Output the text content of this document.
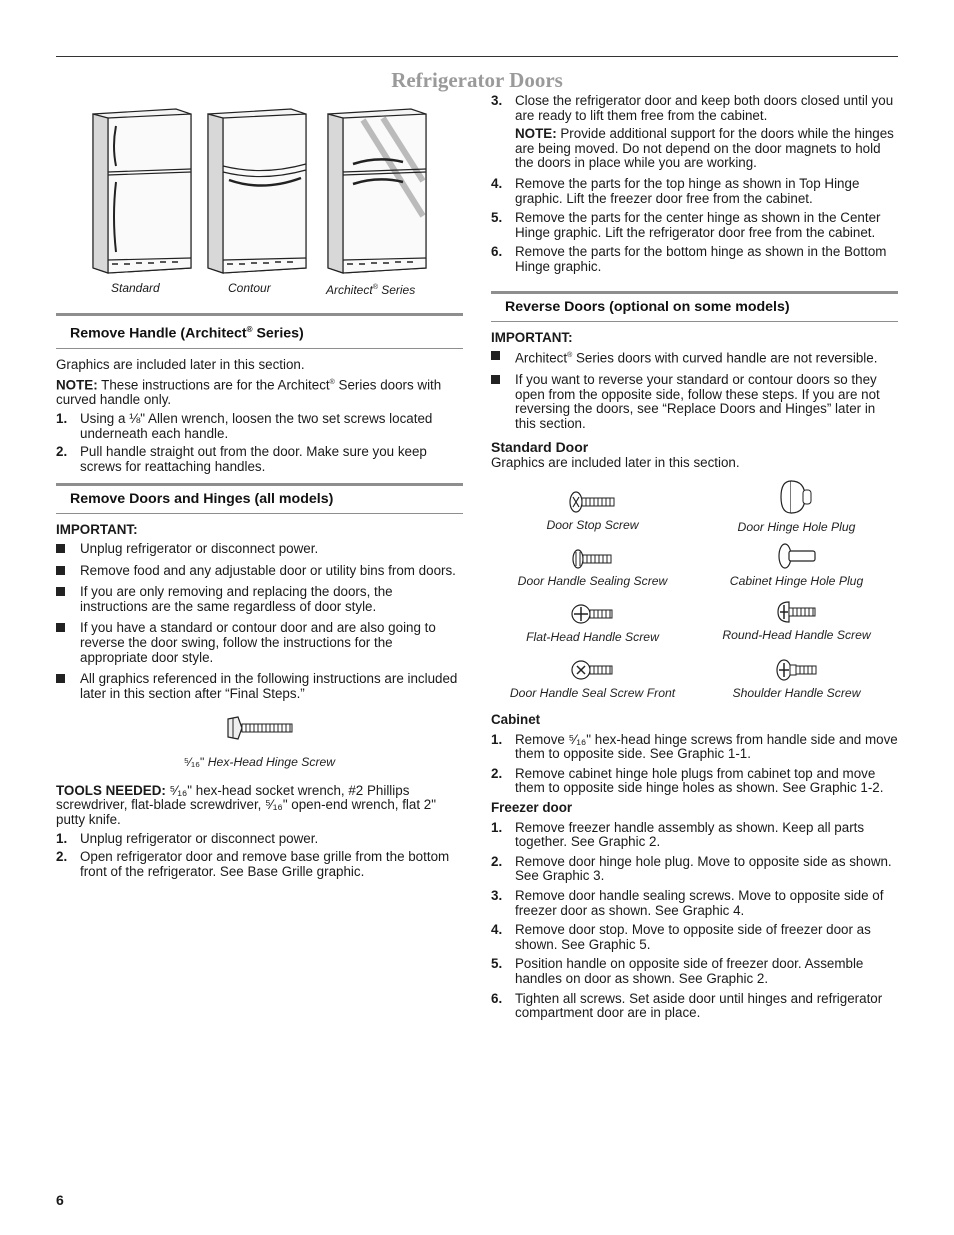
Refrigerator Doors
Standard	Contour	Architect® Series
Remove Handle (Architect® Series)

Graphics are included later in this section.

NOTE: These instructions are for the Architect® Series doors with curved handle only.

1. Using a ⅛" Allen wrench, loosen the two set screws located underneath each handle.
2. Pull handle straight out from the door. Make sure you keep screws for reattaching handles.
Remove Doors and Hinges (all models)

IMPORTANT:

Unplug refrigerator or disconnect power.
Remove food and any adjustable door or utility bins from doors.
If you are only removing and replacing the doors, the instructions are the same regardless of door style.
If you have a standard or contour door and are also going to reverse the door swing, follow the instructions for the appropriate door style.
All graphics referenced in the following instructions are included later in this section after “Final Steps.”

⁵⁄₁₆" Hex-Head Hinge Screw

TOOLS NEEDED: ⁵⁄₁₆" hex-head socket wrench, #2 Phillips screwdriver, flat-blade screwdriver, ⁵⁄₁₆" open-end wrench, flat 2" putty knife.

1. Unplug refrigerator or disconnect power.
2. Open refrigerator door and remove base grille from the bottom front of the refrigerator. See Base Grille graphic.
3. Close the refrigerator door and keep both doors closed until you are ready to lift them free from the cabinet.

NOTE: Provide additional support for the doors while the hinges are being moved. Do not depend on the door magnets to hold the doors in place while you are working.

4. Remove the parts for the top hinge as shown in Top Hinge graphic. Lift the freezer door free from the cabinet.
5. Remove the parts for the center hinge as shown in the Center Hinge graphic. Lift the refrigerator door free from the cabinet.
6. Remove the parts for the bottom hinge as shown in the Bottom Hinge graphic.
Reverse Doors (optional on some models)

IMPORTANT:

Architect® Series doors with curved handle are not reversible.
If you want to reverse your standard or contour doors so they open from the opposite side, follow these steps. If you are not reversing the doors, see “Replace Doors and Hinges” later in this section.

Standard Door

Graphics are included later in this section.

Door Stop Screw	Door Hinge Hole Plug
Door Handle Sealing Screw	Cabinet Hinge Hole Plug
Flat-Head Handle Screw	Round-Head Handle Screw
Door Handle Seal Screw Front	Shoulder Handle Screw

Cabinet

1. Remove ⁵⁄₁₆" hex-head hinge screws from handle side and move them to opposite side. See Graphic 1-1.
2. Remove cabinet hinge hole plugs from cabinet top and move them to opposite side hinge holes as shown. See Graphic 1-2.

Freezer door

1. Remove freezer handle assembly as shown. Keep all parts together. See Graphic 2.
2. Remove door hinge hole plug. Move to opposite side as shown. See Graphic 3.
3. Remove door handle sealing screws. Move to opposite side of freezer door as shown. See Graphic 4.
4. Remove door stop. Move to opposite side of freezer door as shown. See Graphic 5.
5. Position handle on opposite side of freezer door. Assemble handles on door as shown. See Graphic 2.
6. Tighten all screws. Set aside door until hinges and refrigerator compartment door are in place.
6
